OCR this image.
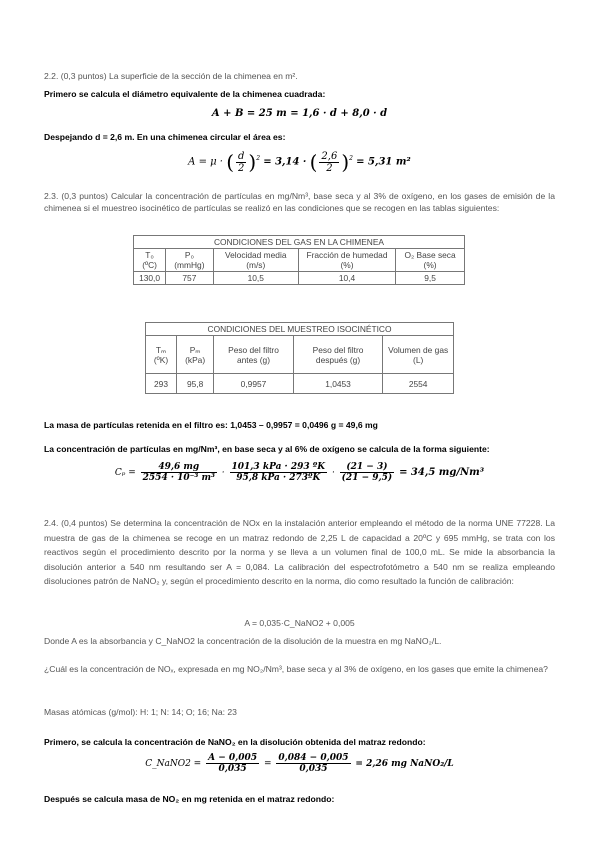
2.2. (0,3 puntos) La superficie de la sección de la chimenea en m².
Primero se calcula el diámetro equivalente de la chimenea cuadrada:
A + B = 25 m = 1,6 · d + 8,0 · d
Despejando d = 2,6 m. En una chimenea circular el área es:
A = μ · ( $\frac{d}{2} )^2 = 3,14$ · ( $\frac{2,6}{2} )^2 = 5,31$ m²
2.3. (0,3 puntos) Calcular la concentración de partículas en mg/Nm³, base seca y al 3% de oxígeno, en los gases de emisión de la chimenea si el muestreo isocinético de partículas se realizó en las condiciones que se recogen en las tablas siguientes:
CONDICIONES DEL GAS EN LA CHIMENEA				
T₀ (ºC)	P₀ (mmHg)	Velocidad media (m/s)	Fracción de humedad (%)	O₂ Base seca (%)
130,0	757	10,5	10,4	9,5
CONDICIONES DEL MUESTREO ISOCINÉTICO				
Tₘ (ºK)	Pₘ (kPa)	Peso del filtro antes (g)	Peso del filtro después (g)	Volumen de gas (L)
293	95,8	0,9957	1,0453	2554
La masa de partículas retenida en el filtro es: 1,0453 – 0,9957 = 0,0496 g = 49,6 mg
La concentración de partículas en mg/Nm³, en base seca y al 6% de oxígeno se calcula de la forma siguiente:
$C_p = \frac{49,6 mg}{\text{2554 · 10⁻³ m³}} \cdot \frac{\text{101,3 kPa · 293 ºK}}{\text{95,8 kPa · 273ºK}} \cdot \frac{(21 - 3)}{(21 - 9,5)} = 34,5$ mg/Nm³
2.4. (0,4 puntos) Se determina la concentración de NOx en la instalación anterior empleando el método de la norma UNE 77228. La muestra de gas de la chimenea se recoge en un matraz redondo de 2,25 L de capacidad a 20ºC y 695 mmHg, se trata con los reactivos según el procedimiento descrito por la norma y se lleva a un volumen final de 100,0 mL. Se mide la absorbancia la disolución anterior a 540 nm resultando ser A = 0,084. La calibración del espectrofotómetro a 540 nm se realiza empleando disoluciones patrón de NaNO₂ y, según el procedimiento descrito en la norma, dio como resultado la función de calibración:
A = 0,035·C_NaNO2 + 0,005
Donde A es la absorbancia y C_NaNO2 la concentración de la disolución de la muestra en mg NaNO₂/L.
¿Cuál es la concentración de NOₓ, expresada en mg NO₂/Nm³, base seca y al 3% de oxígeno, en los gases que emite la chimenea?
Masas atómicas (g/mol): H: 1; N: 14; O; 16; Na: 23
Primero, se calcula la concentración de NaNO₂ en la disolución obtenida del matraz redondo:
C_NaNO2 = $\frac{A - 0,005}{0,035} = \frac{0,084 - 0,005}{0,035} = 2,26$ mg NaNO₂/L
Después se calcula masa de NO₂ en mg retenida en el matraz redondo:
